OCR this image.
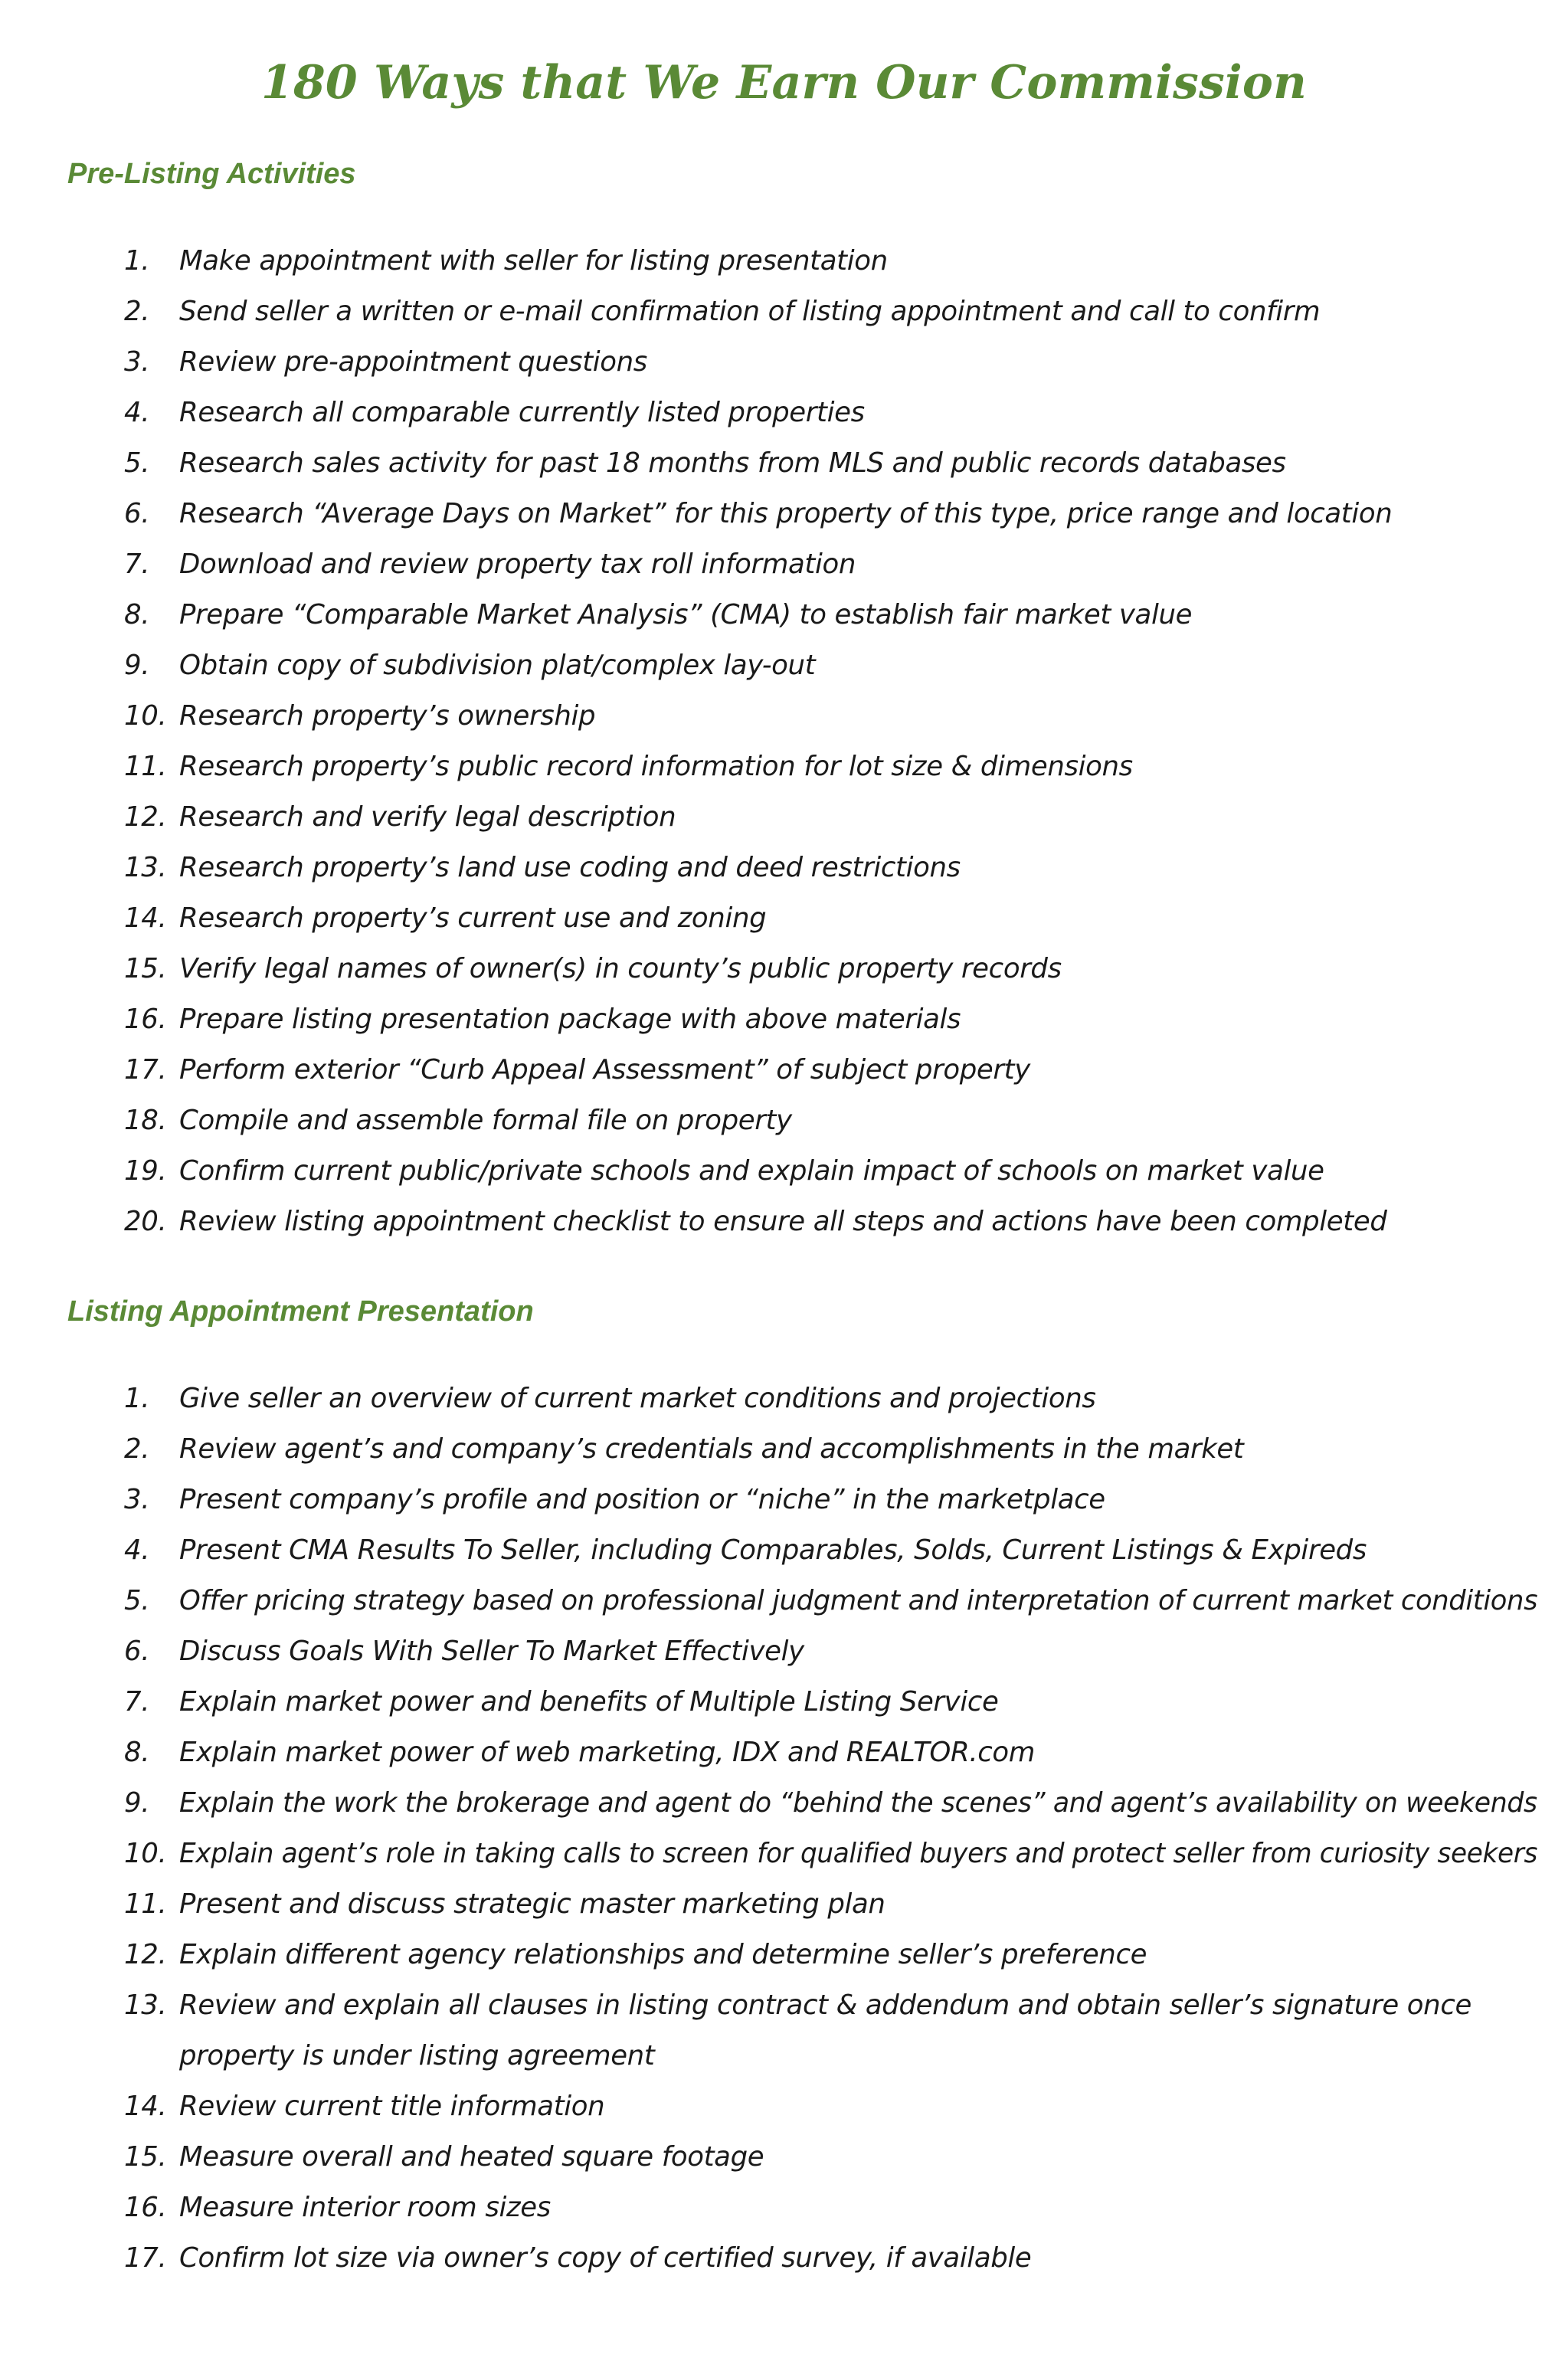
180 Ways that We Earn Our Commission
Pre-Listing Activities
1. Make appointment with seller for listing presentation
2. Send seller a written or e-mail confirmation of listing appointment and call to confirm
3. Review pre-appointment questions
4. Research all comparable currently listed properties
5. Research sales activity for past 18 months from MLS and public records databases
6. Research “Average Days on Market” for this property of this type, price range and location
7. Download and review property tax roll information
8. Prepare “Comparable Market Analysis” (CMA) to establish fair market value
9. Obtain copy of subdivision plat/complex lay-out
10. Research property’s ownership
11. Research property’s public record information for lot size & dimensions
12. Research and verify legal description
13. Research property’s land use coding and deed restrictions
14. Research property’s current use and zoning
15. Verify legal names of owner(s) in county’s public property records
16. Prepare listing presentation package with above materials
17. Perform exterior “Curb Appeal Assessment” of subject property
18. Compile and assemble formal file on property
19. Confirm current public/private schools and explain impact of schools on market value
20. Review listing appointment checklist to ensure all steps and actions have been completed
Listing Appointment Presentation
1. Give seller an overview of current market conditions and projections
2. Review agent’s and company’s credentials and accomplishments in the market
3. Present company’s profile and position or “niche” in the marketplace
4. Present CMA Results To Seller, including Comparables, Solds, Current Listings & Expireds
5. Offer pricing strategy based on professional judgment and interpretation of current market conditions
6. Discuss Goals With Seller To Market Effectively
7. Explain market power and benefits of Multiple Listing Service
8. Explain market power of web marketing, IDX and REALTOR.com
9. Explain the work the brokerage and agent do “behind the scenes” and agent’s availability on weekends
10. Explain agent’s role in taking calls to screen for qualified buyers and protect seller from curiosity seekers
11. Present and discuss strategic master marketing plan
12. Explain different agency relationships and determine seller’s preference
13. Review and explain all clauses in listing contract & addendum and obtain seller’s signature once property is under listing agreement
14. Review current title information
15. Measure overall and heated square footage
16. Measure interior room sizes
17. Confirm lot size via owner’s copy of certified survey, if available
